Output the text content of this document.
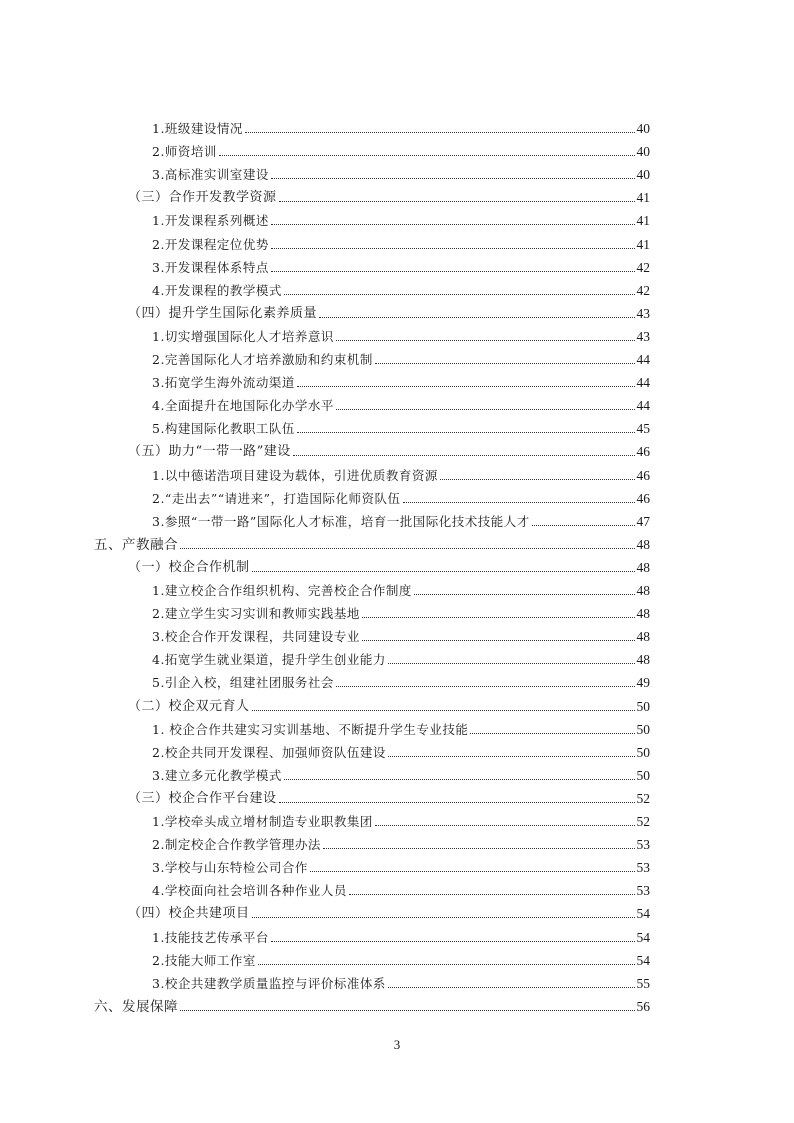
1.班级建设情况	40
2.师资培训	40
3.高标准实训室建设	40
（三）合作开发教学资源	41
1.开发课程系列概述	41
2.开发课程定位优势	41
3.开发课程体系特点	42
4.开发课程的教学模式	42
（四）提升学生国际化素养质量	43
1.切实增强国际化人才培养意识	43
2.完善国际化人才培养激励和约束机制	44
3.拓宽学生海外流动渠道	44
4.全面提升在地国际化办学水平	44
5.构建国际化教职工队伍	45
（五）助力“一带一路”建设	46
1.以中德诺浩项目建设为载体，引进优质教育资源	46
2.“走出去”“请进来”，打造国际化师资队伍	46
3.参照“一带一路”国际化人才标准，培育一批国际化技术技能人才	47
五、产教融合	48
（一）校企合作机制	48
1.建立校企合作组织机构、完善校企合作制度	48
2.建立学生实习实训和教师实践基地	48
3.校企合作开发课程，共同建设专业	48
4.拓宽学生就业渠道，提升学生创业能力	48
5.引企入校，组建社团服务社会	49
（二）校企双元育人	50
1. 校企合作共建实习实训基地、不断提升学生专业技能	50
2.校企共同开发课程、加强师资队伍建设	50
3.建立多元化教学模式	50
（三）校企合作平台建设	52
1.学校牵头成立增材制造专业职教集团	52
2.制定校企合作教学管理办法	53
3.学校与山东特检公司合作	53
4.学校面向社会培训各种作业人员	53
（四）校企共建项目	54
1.技能技艺传承平台	54
2.技能大师工作室	54
3.校企共建教学质量监控与评价标准体系	55
六、发展保障	56
3
